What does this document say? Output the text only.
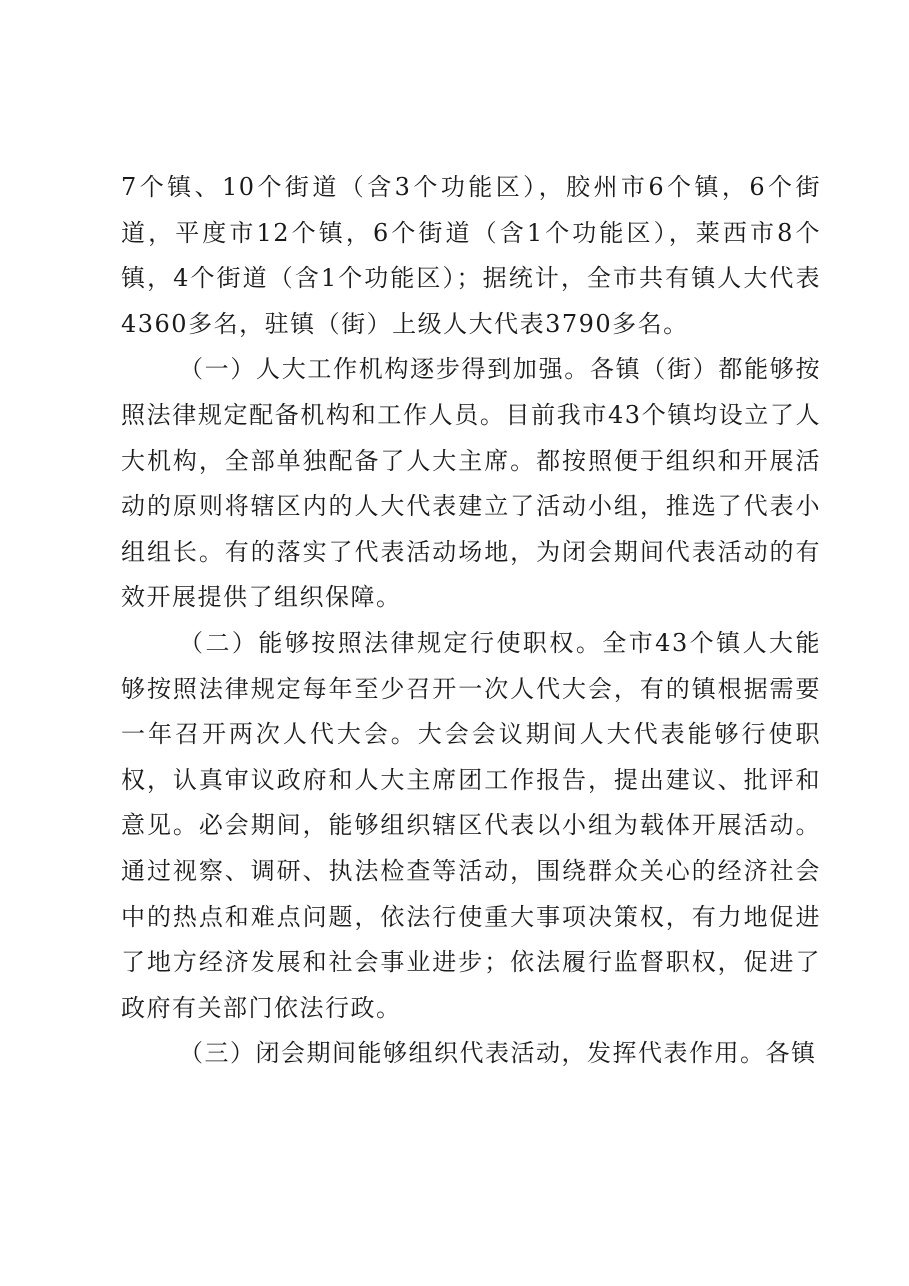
7个镇、10个街道（含3个功能区），胶州市6个镇，6个街道，平度市12个镇，6个街道（含1个功能区），莱西市8个镇，4个街道（含1个功能区）；据统计，全市共有镇人大代表4360多名，驻镇（街）上级人大代表3790多名。

（一）人大工作机构逐步得到加强。各镇（街）都能够按照法律规定配备机构和工作人员。目前我市43个镇均设立了人大机构，全部单独配备了人大主席。都按照便于组织和开展活动的原则将辖区内的人大代表建立了活动小组，推选了代表小组组长。有的落实了代表活动场地，为闭会期间代表活动的有效开展提供了组织保障。

（二）能够按照法律规定行使职权。全市43个镇人大能够按照法律规定每年至少召开一次人代大会，有的镇根据需要一年召开两次人代大会。大会会议期间人大代表能够行使职权，认真审议政府和人大主席团工作报告，提出建议、批评和意见。必会期间，能够组织辖区代表以小组为载体开展活动。通过视察、调研、执法检查等活动，围绕群众关心的经济社会中的热点和难点问题，依法行使重大事项决策权，有力地促进了地方经济发展和社会事业进步；依法履行监督职权，促进了政府有关部门依法行政。

（三）闭会期间能够组织代表活动，发挥代表作用。各镇
